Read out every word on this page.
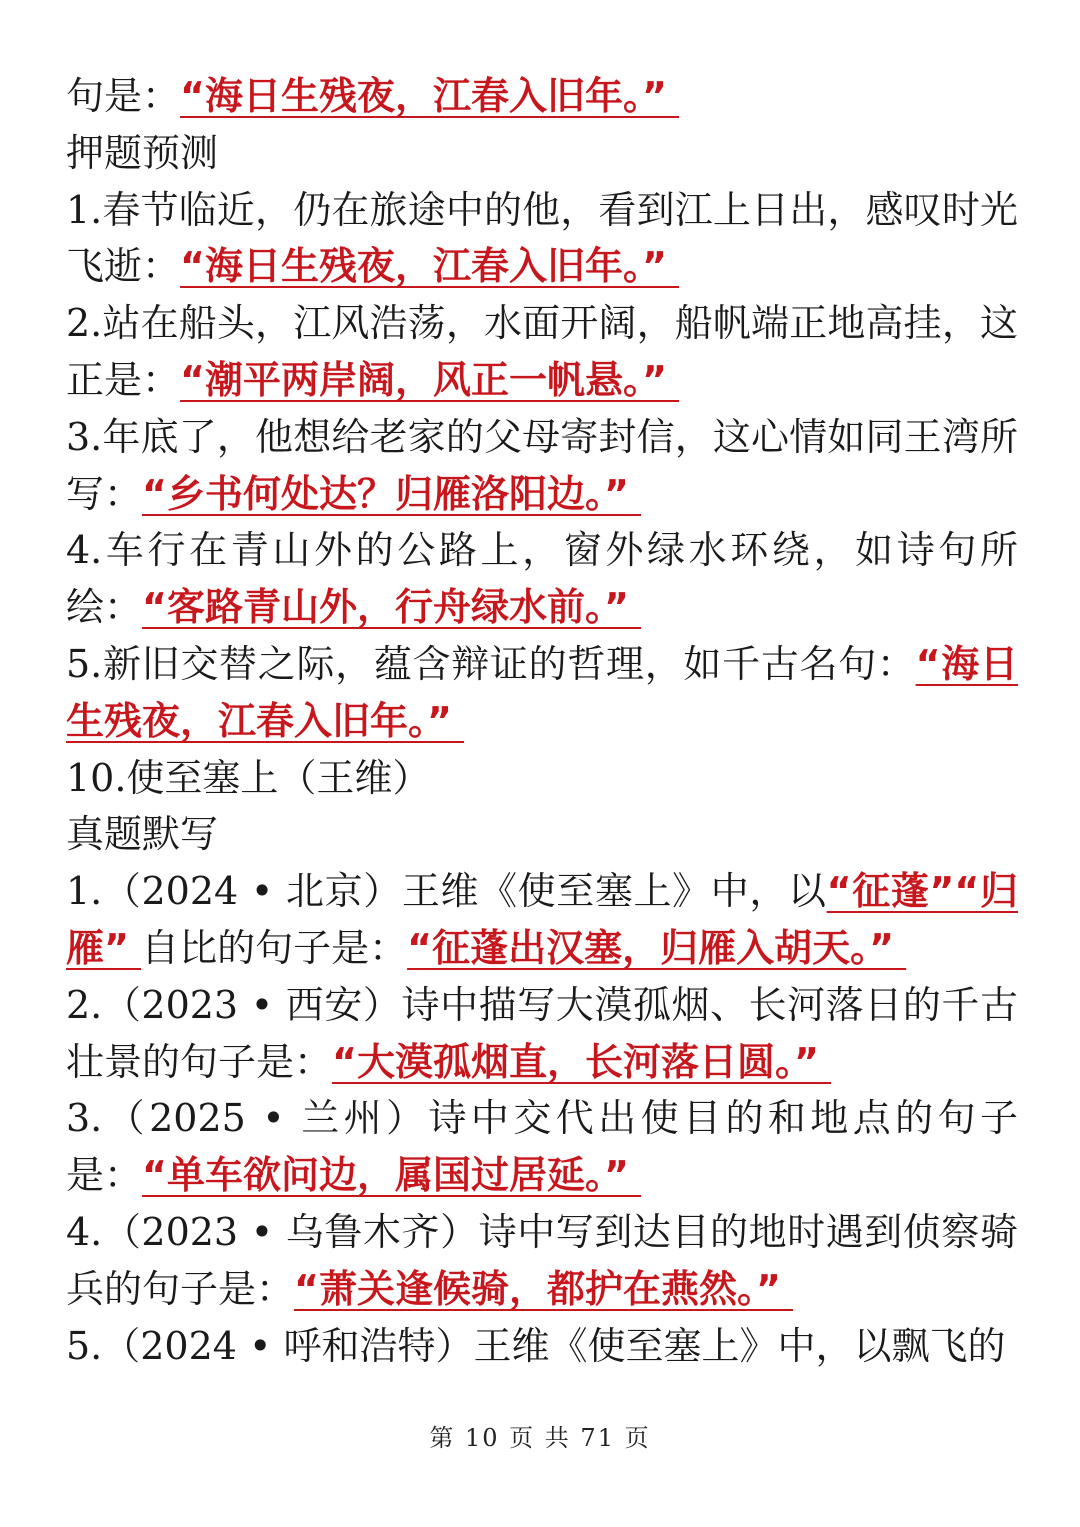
句是：“海日生残夜，江春入旧年。”

押题预测

1.春节临近，仍在旅途中的他，看到江上日出，感叹时光飞逝：“海日生残夜，江春入旧年。”

2.站在船头，江风浩荡，水面开阔，船帆端正地高挂，这正是：“潮平两岸阔，风正一帆悬。”

3.年底了，他想给老家的父母寄封信，这心情如同王湾所写：“乡书何处达？归雁洛阳边。”

4.车行在青山外的公路上，窗外绿水环绕，如诗句所绘：“客路青山外，行舟绿水前。”

5.新旧交替之际，蕴含辩证的哲理，如千古名句：“海日生残夜，江春入旧年。”

10.使至塞上（王维）

真题默写

1.（2024 • 北京）王维《使至塞上》中，以“征蓬”“归雁” 自比的句子是：“征蓬出汉塞，归雁入胡天。”

2.（2023 • 西安）诗中描写大漠孤烟、长河落日的千古壮景的句子是：“大漠孤烟直，长河落日圆。”

3.（2025 • 兰州）诗中交代出使目的和地点的句子是：“单车欲问边，属国过居延。”

4.（2023 • 乌鲁木齐）诗中写到达目的地时遇到侦察骑兵的句子是：“萧关逢候骑，都护在燕然。”

5.（2024 • 呼和浩特）王维《使至塞上》中，以飘飞的

第 10 页 共 71 页
